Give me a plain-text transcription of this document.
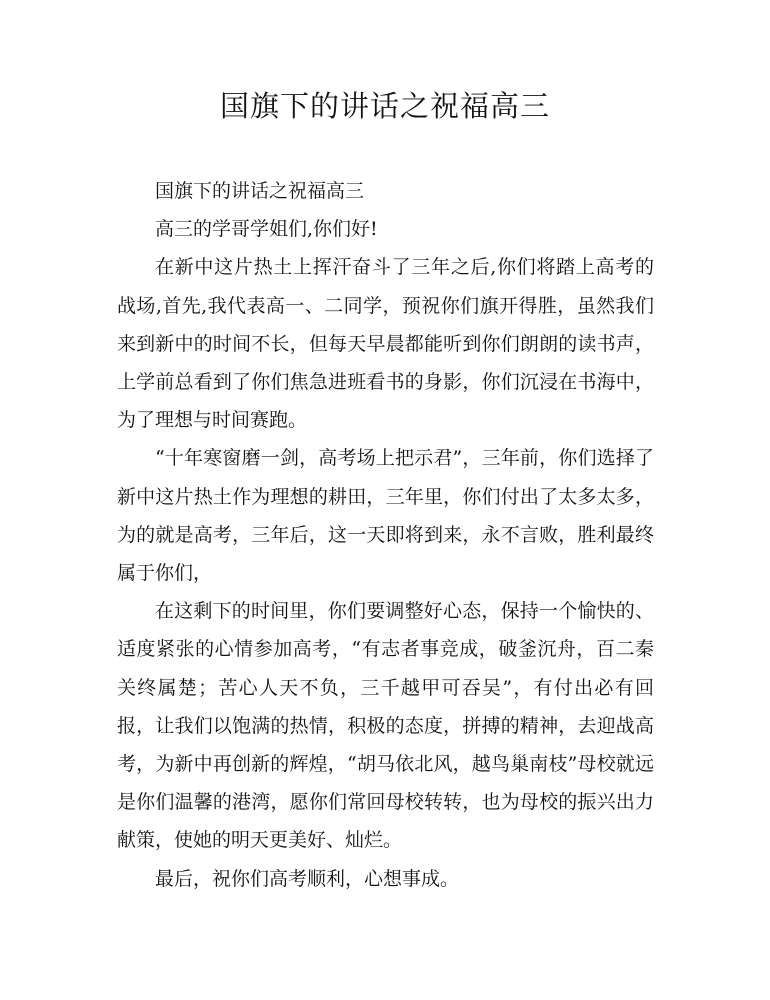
国旗下的讲话之祝福高三

国旗下的讲话之祝福高三

高三的学哥学姐们,你们好!

在新中这片热土上挥汗奋斗了三年之后,你们将踏上高考的战场,首先,我代表高一、二同学，预祝你们旗开得胜，虽然我们来到新中的时间不长，但每天早晨都能听到你们朗朗的读书声，上学前总看到了你们焦急进班看书的身影，你们沉浸在书海中，为了理想与时间赛跑。

“十年寒窗磨一剑，高考场上把示君”，三年前，你们选择了新中这片热土作为理想的耕田，三年里，你们付出了太多太多，为的就是高考，三年后，这一天即将到来，永不言败，胜利最终属于你们，

在这剩下的时间里，你们要调整好心态，保持一个愉快的、适度紧张的心情参加高考，“有志者事竞成，破釜沉舟，百二秦关终属楚；苦心人天不负，三千越甲可吞吴”，有付出必有回报，让我们以饱满的热情，积极的态度，拼搏的精神，去迎战高考，为新中再创新的辉煌，“胡马依北风，越鸟巢南枝”母校就远是你们温馨的港湾，愿你们常回母校转转，也为母校的振兴出力献策，使她的明天更美好、灿烂。

最后，祝你们高考顺利，心想事成。
